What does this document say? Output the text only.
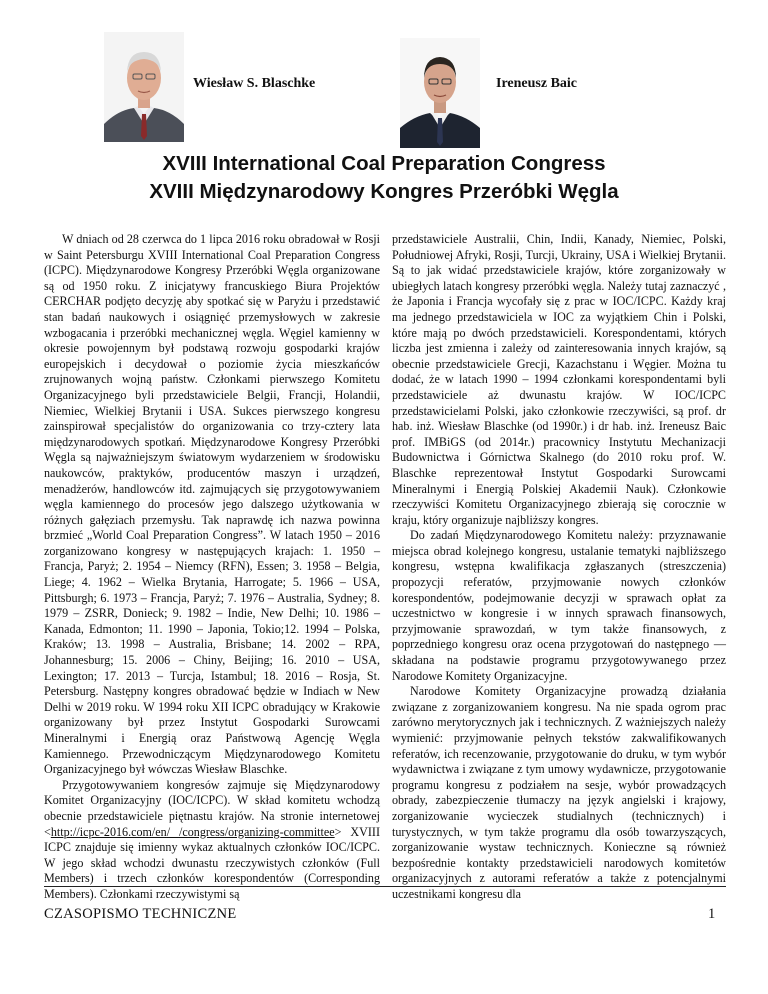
Wiesław S. Blaschke	Ireneusz Baic
XVIII International Coal Preparation Congress
XVIII Międzynarodowy Kongres Przeróbki Węgla

W dniach od 28 czerwca do 1 lipca 2016 roku obradował w Rosji w Saint Petersburgu XVIII International Coal Preparation Congress (ICPC). Międzynarodowe Kongresy Przeróbki Węgla organizowane są od 1950 roku. Z inicjatywy francuskiego Biura Projektów CERCHAR podjęto decyzję aby spotkać się w Paryżu i przedstawić stan badań naukowych i osiągnięć przemysłowych w zakresie wzbogacania i przeróbki mechanicznej węgla. Węgiel kamienny w okresie powojennym był podstawą rozwoju gospodarki krajów europejskich i decydował o poziomie życia mieszkańców zrujnowanych wojną państw. Członkami pierwszego Komitetu Organizacyjnego byli przedstawiciele Belgii, Francji, Holandii, Niemiec, Wielkiej Brytanii i USA. Sukces pierwszego kongresu zainspirował specjalistów do organizowania co trzy-cztery lata międzynarodowych spotkań. Międzynarodowe Kongresy Przeróbki Węgla są najważniejszym światowym wydarzeniem w środowisku naukowców, praktyków, producentów maszyn i urządzeń, menadżerów, handlowców itd. zajmujących się przygotowywaniem węgla kamiennego do procesów jego dalszego użytkowania w różnych gałęziach przemysłu. Tak naprawdę ich nazwa powinna brzmieć „World Coal Preparation Congress”. W latach 1950 – 2016 zorganizowano kongresy w następujących krajach: 1. 1950 – Francja, Paryż; 2. 1954 – Niemcy (RFN), Essen; 3. 1958 – Belgia, Liege; 4. 1962 – Wielka Brytania, Harrogate; 5. 1966 – USA, Pittsburgh; 6. 1973 – Francja, Paryż; 7. 1976 – Australia, Sydney; 8. 1979 – ZSRR, Donieck; 9. 1982 – Indie, New Delhi; 10. 1986 – Kanada, Edmonton; 11. 1990 – Japonia, Tokio;12. 1994 – Polska, Kraków; 13. 1998 – Australia, Brisbane; 14. 2002 – RPA, Johannesburg; 15. 2006 – Chiny, Beijing; 16. 2010 – USA, Lexington; 17. 2013 – Turcja, Istambul; 18. 2016 – Rosja, St. Petersburg. Następny kongres obradować będzie w Indiach w New Delhi w 2019 roku. W 1994 roku XII ICPC obradujący w Krakowie organizowany był przez Instytut Gospodarki Surowcami Mineralnymi i Energią oraz Państwową Agencję Węgla Kamiennego. Przewodniczącym Międzynarodowego Komitetu Organizacyjnego był wówczas Wiesław Blaschke.

Przygotowywaniem kongresów zajmuje się Międzynarodowy Komitet Organizacyjny (IOC/ICPC). W skład komitetu wchodzą obecnie przedstawiciele piętnastu krajów. Na stronie internetowej <http://icpc-2016.com/en/ /congress/organizing-committee> XVIII ICPC znajduje się imienny wykaz aktualnych członków IOC/ICPC. W jego skład wchodzi dwunastu rzeczywistych członków (Full Members) i trzech członków korespondentów (Corresponding Members). Członkami rzeczywistymi są

przedstawiciele Australii, Chin, Indii, Kanady, Niemiec, Polski, Południowej Afryki, Rosji, Turcji, Ukrainy, USA i Wielkiej Brytanii. Są to jak widać przedstawiciele krajów, które zorganizowały w ubiegłych latach kongresy przeróbki węgla. Należy tutaj zaznaczyć , że Japonia i Francja wycofały się z prac w IOC/ICPC. Każdy kraj ma jednego przedstawiciela w IOC za wyjątkiem Chin i Polski, które mają po dwóch przedstawicieli. Korespondentami, których liczba jest zmienna i zależy od zainteresowania innych krajów, są obecnie przedstawiciele Grecji, Kazachstanu i Węgier. Można tu dodać, że w latach 1990 – 1994 członkami korespondentami byli przedstawiciele aż dwunastu krajów. W IOC/ICPC przedstawicielami Polski, jako członkowie rzeczywiści, są prof. dr hab. inż. Wiesław Blaschke (od 1990r.) i dr hab. inż. Ireneusz Baic prof. IMBiGS (od 2014r.) pracownicy Instytutu Mechanizacji Budownictwa i Górnictwa Skalnego (do 2010 roku prof. W. Blaschke reprezentował Instytut Gospodarki Surowcami Mineralnymi i Energią Polskiej Akademii Nauk). Członkowie rzeczywiści Komitetu Organizacyjnego zbierają się corocznie w kraju, który organizuje najbliższy kongres.

Do zadań Międzynarodowego Komitetu należy: przyznawanie miejsca obrad kolejnego kongresu, ustalanie tematyki najbliższego kongresu, wstępna kwalifikacja zgłaszanych (streszczenia) propozycji referatów, przyjmowanie nowych członków korespondentów, podejmowanie decyzji w sprawach opłat za uczestnictwo w kongresie i w innych sprawach finansowych, przyjmowanie sprawozdań, w tym także finansowych, z poprzedniego kongresu oraz ocena przygotowań do następnego — składana na podstawie programu przygotowywanego przez Narodowe Komitety Organizacyjne.

Narodowe Komitety Organizacyjne prowadzą działania związane z zorganizowaniem kongresu. Na nie spada ogrom prac zarówno merytorycznych jak i technicznych. Z ważniejszych należy wymienić: przyjmowanie pełnych tekstów zakwalifikowanych referatów, ich recenzowanie, przygotowanie do druku, w tym wybór wydawnictwa i związane z tym umowy wydawnicze, przygotowanie programu kongresu z podziałem na sesje, wybór prowadzących obrady, zabezpieczenie tłumaczy na język angielski i krajowy, zorganizowanie wycieczek studialnych (technicznych) i turystycznych, w tym także programu dla osób towarzyszących, zorganizowanie wystaw technicznych. Konieczne są również bezpośrednie kontakty przedstawicieli narodowych komitetów organizacyjnych z autorami referatów a także z potencjalnymi uczestnikami kongresu dla

CZASOPISMO TECHNICZNE	1
